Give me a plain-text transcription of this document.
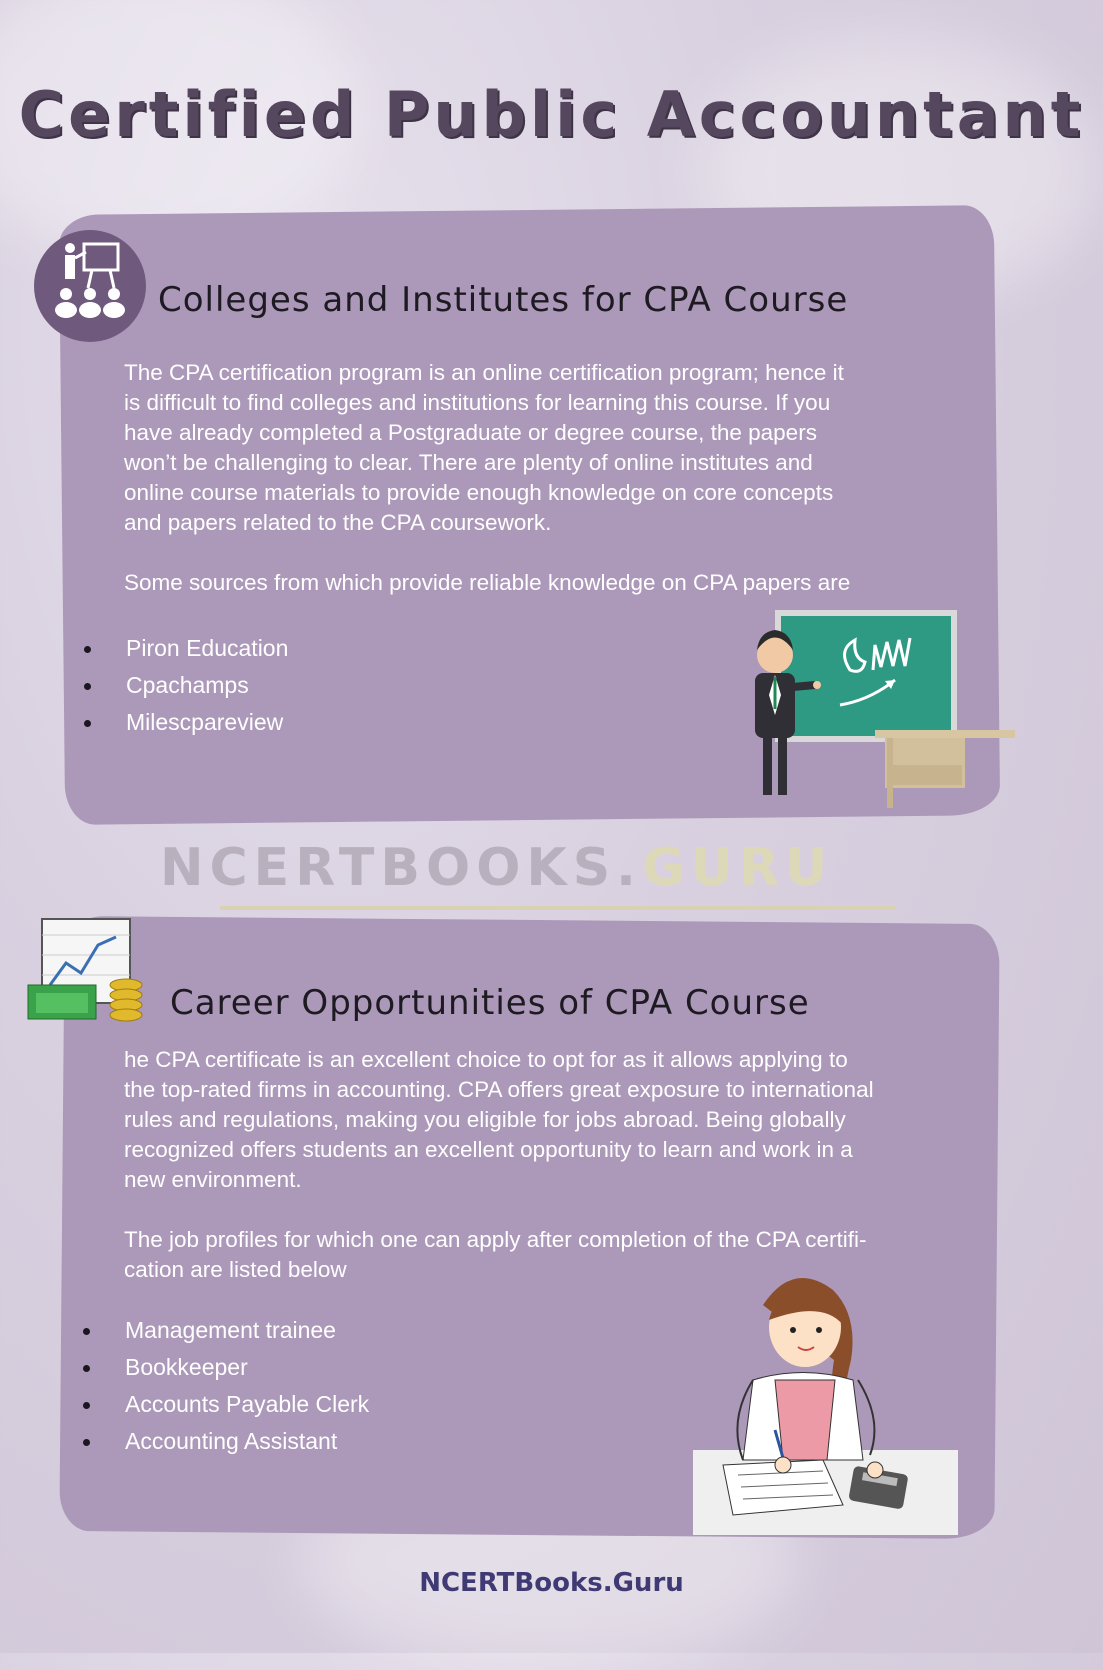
Certified Public Accountant
Colleges and Institutes for CPA Course

The CPA certification program is an online certification program; hence it

is difficult to find colleges and institutions for learning this course. If you

have already completed a Postgraduate or degree course, the papers

won’t be challenging to clear. There are plenty of online institutes and

online course materials to provide enough knowledge on core concepts

and papers related to the CPA coursework.

Some sources from which provide reliable knowledge on CPA papers are

Piron Education
Cpachamps
Milescpareview
NCERTBOOKS.GURU
Career Opportunities of CPA Course

he CPA certificate is an excellent choice to opt for as it allows applying to

the top-rated firms in accounting. CPA offers great exposure to international

rules and regulations, making you eligible for jobs abroad. Being globally

recognized offers students an excellent opportunity to learn and work in a

new environment.

The job profiles for which one can apply after completion of the CPA certifi-

cation are listed below

Management trainee
Bookkeeper
Accounts Payable Clerk
Accounting Assistant
NCERTBooks.Guru
